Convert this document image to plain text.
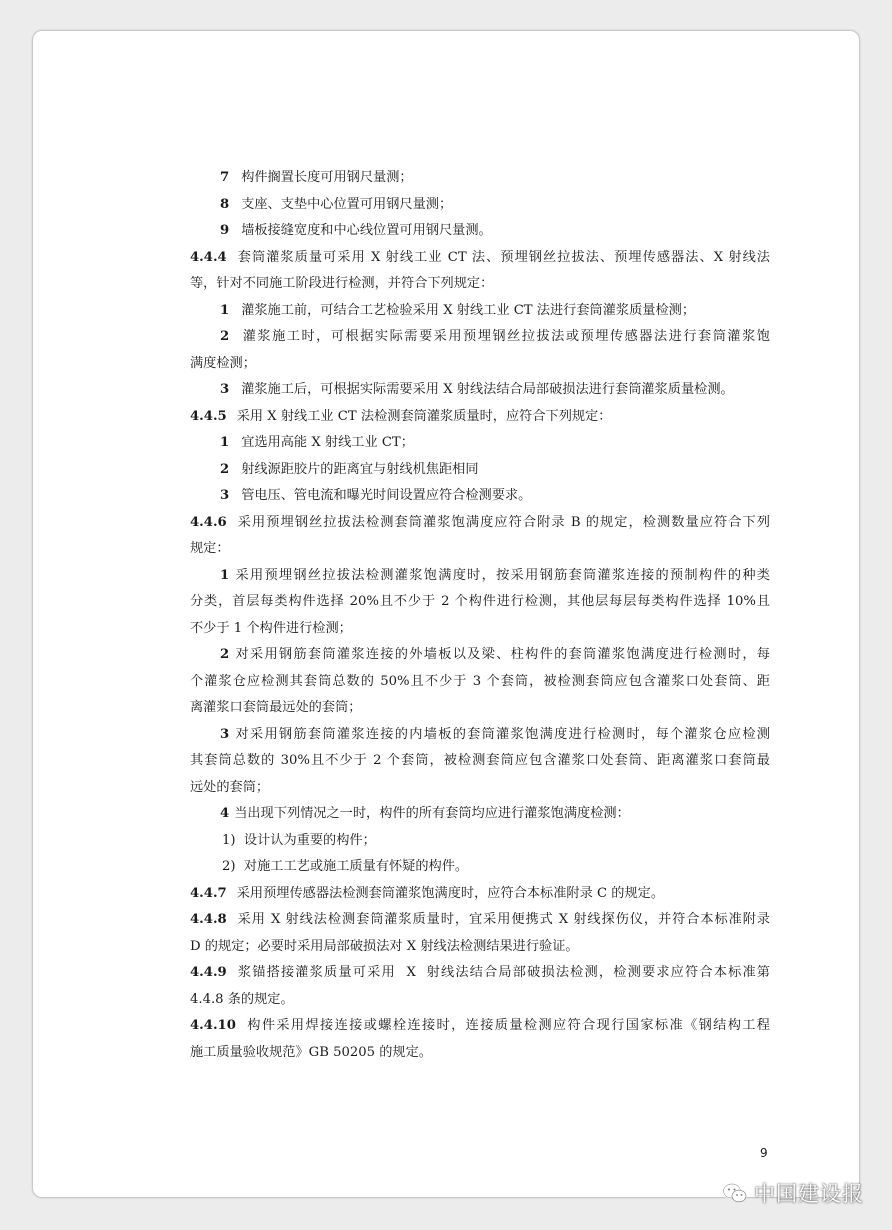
7 构件搁置长度可用钢尺量测；
8 支座、支垫中心位置可用钢尺量测；
9 墙板接缝宽度和中心线位置可用钢尺量测。
4.4.4 套筒灌浆质量可采用 X 射线工业 CT 法、预埋钢丝拉拔法、预埋传感器法、X 射线法
等，针对不同施工阶段进行检测，并符合下列规定：
1 灌浆施工前，可结合工艺检验采用 X 射线工业 CT 法进行套筒灌浆质量检测；
2 灌浆施工时，可根据实际需要采用预埋钢丝拉拔法或预埋传感器法进行套筒灌浆饱
满度检测；
3 灌浆施工后，可根据实际需要采用 X 射线法结合局部破损法进行套筒灌浆质量检测。
4.4.5 采用 X 射线工业 CT 法检测套筒灌浆质量时，应符合下列规定：
1 宜选用高能 X 射线工业 CT；
2 射线源距胶片的距离宜与射线机焦距相同
3 管电压、管电流和曝光时间设置应符合检测要求。
4.4.6 采用预埋钢丝拉拔法检测套筒灌浆饱满度应符合附录 B 的规定，检测数量应符合下列
规定：
1 采用预埋钢丝拉拔法检测灌浆饱满度时，按采用钢筋套筒灌浆连接的预制构件的种类
分类，首层每类构件选择 20%且不少于 2 个构件进行检测，其他层每层每类构件选择 10%且
不少于 1 个构件进行检测；
2 对采用钢筋套筒灌浆连接的外墙板以及梁、柱构件的套筒灌浆饱满度进行检测时，每
个灌浆仓应检测其套筒总数的 50%且不少于 3 个套筒，被检测套筒应包含灌浆口处套筒、距
离灌浆口套筒最远处的套筒；
3 对采用钢筋套筒灌浆连接的内墙板的套筒灌浆饱满度进行检测时，每个灌浆仓应检测
其套筒总数的 30%且不少于 2 个套筒，被检测套筒应包含灌浆口处套筒、距离灌浆口套筒最
远处的套筒；
4 当出现下列情况之一时，构件的所有套筒均应进行灌浆饱满度检测：
1)  设计认为重要的构件；
2)  对施工工艺或施工质量有怀疑的构件。
4.4.7 采用预埋传感器法检测套筒灌浆饱满度时，应符合本标准附录 C 的规定。
4.4.8 采用 X 射线法检测套筒灌浆质量时，宜采用便携式 X 射线探伤仪，并符合本标准附录
D 的规定；必要时采用局部破损法对 X 射线法检测结果进行验证。
4.4.9 浆锚搭接灌浆质量可采用  X  射线法结合局部破损法检测，检测要求应符合本标准第
4.4.8 条的规定。
4.4.10 构件采用焊接连接或螺栓连接时，连接质量检测应符合现行国家标准《钢结构工程
施工质量验收规范》GB 50205 的规定。
9
中国建设报
